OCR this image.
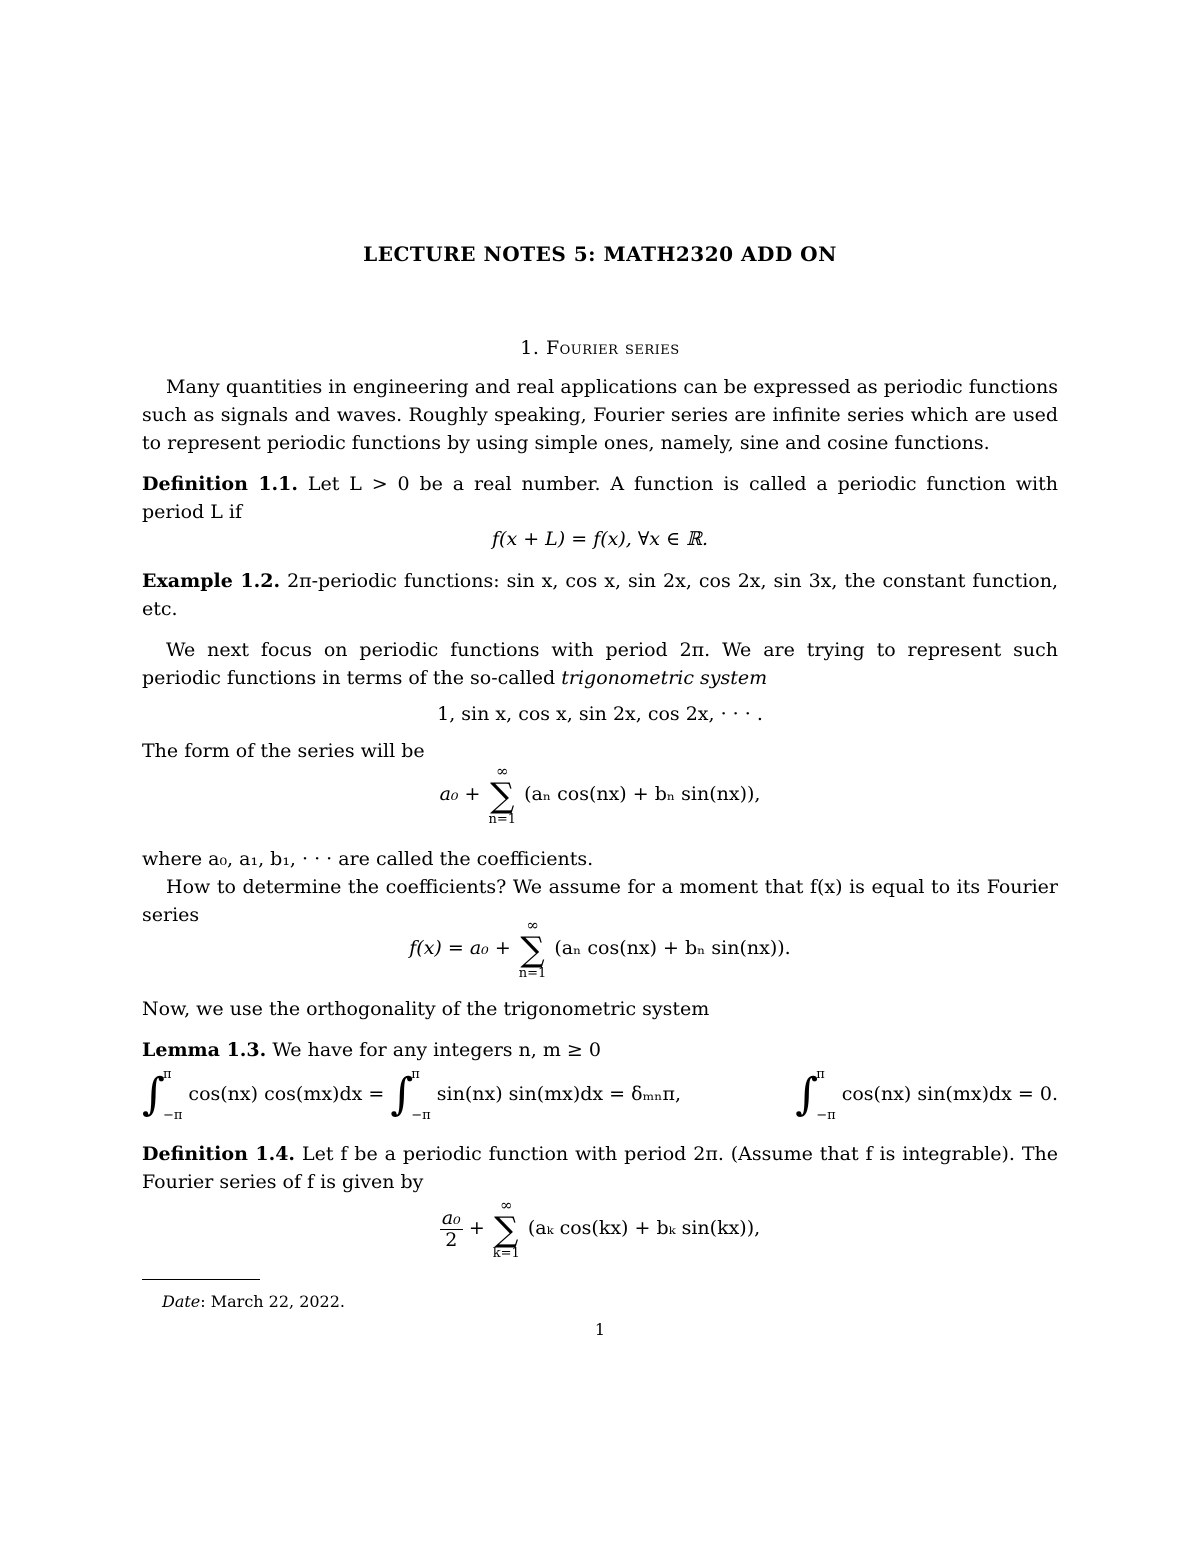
LECTURE NOTES 5: MATH2320 ADD ON
1. Fourier series
Many quantities in engineering and real applications can be expressed as periodic functions such as signals and waves. Roughly speaking, Fourier series are infinite series which are used to represent periodic functions by using simple ones, namely, sine and cosine functions.
Definition 1.1. Let L > 0 be a real number. A function is called a periodic function with period L if
f(x + L) = f(x), ∀x ∈ ℝ.
Example 1.2. 2π-periodic functions: sin x, cos x, sin 2x, cos 2x, sin 3x, the constant function, etc.
We next focus on periodic functions with period 2π. We are trying to represent such periodic functions in terms of the so-called trigonometric system
1, sin x, cos x, sin 2x, cos 2x, · · · .
The form of the series will be
a₀ +
∞
∑
n=1
(aₙ cos(nx) + bₙ sin(nx)),
where a₀, a₁, b₁, · · · are called the coefficients.
How to determine the coefficients? We assume for a moment that f(x) is equal to its Fourier series
f(x) = a₀ +
∞
∑
n=1
(aₙ cos(nx) + bₙ sin(nx)).
Now, we use the orthogonality of the trigonometric system
Lemma 1.3. We have for any integers n, m ≥ 0
∫
π
−π
cos(nx) cos(mx)dx = ∫
π
−π
sin(nx) sin(mx)dx = δₘₙπ,	∫
π
−π
cos(nx) sin(mx)dx = 0.
Definition 1.4. Let f be a periodic function with period 2π. (Assume that f is integrable). The Fourier series of f is given by
$\frac{\text{a₀}}{2}$ +
∞
∑
k=1
(aₖ cos(kx) + bₖ sin(kx)),
Date: March 22, 2022.
1
